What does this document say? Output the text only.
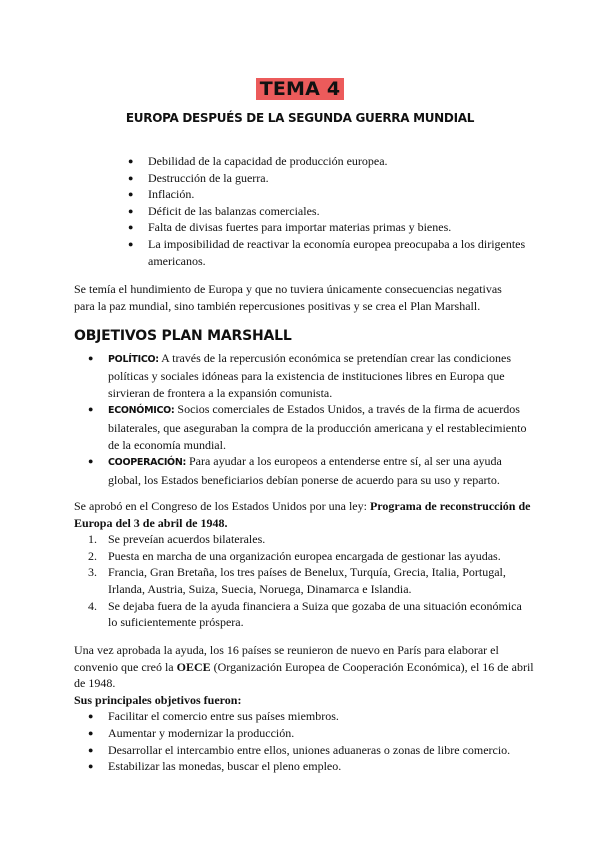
TEMA 4
EUROPA DESPUÉS DE LA SEGUNDA GUERRA MUNDIAL
● Debilidad de la capacidad de producción europea.
● Destrucción de la guerra.
● Inflación.
● Déficit de las balanzas comerciales.
● Falta de divisas fuertes para importar materias primas y bienes.
● La imposibilidad de reactivar la economía europea preocupaba a los dirigentes americanos.

Se temía el hundimiento de Europa y que no tuviera únicamente consecuencias negativas para la paz mundial, sino también repercusiones positivas y se crea el Plan Marshall.

OBJETIVOS PLAN MARSHALL
● POLÍTICO: A través de la repercusión económica se pretendían crear las condiciones políticas y sociales idóneas para la existencia de instituciones libres en Europa que sirvieran de frontera a la expansión comunista.
● ECONÓMICO: Socios comerciales de Estados Unidos, a través de la firma de acuerdos bilaterales, que aseguraban la compra de la producción americana y el restablecimiento de la economía mundial.
● COOPERACIÓN: Para ayudar a los europeos a entenderse entre sí, al ser una ayuda global, los Estados beneficiarios debían ponerse de acuerdo para su uso y reparto.

Se aprobó en el Congreso de los Estados Unidos por una ley: Programa de reconstrucción de Europa del 3 de abril de 1948.

1. Se preveían acuerdos bilaterales.
2. Puesta en marcha de una organización europea encargada de gestionar las ayudas.
3. Francia, Gran Bretaña, los tres países de Benelux, Turquía, Grecia, Italia, Portugal, Irlanda, Austria, Suiza, Suecia, Noruega, Dinamarca e Islandia.
4. Se dejaba fuera de la ayuda financiera a Suiza que gozaba de una situación económica lo suficientemente próspera.

Una vez aprobada la ayuda, los 16 países se reunieron de nuevo en París para elaborar el convenio que creó la OECE (Organización Europea de Cooperación Económica), el 16 de abril de 1948.

Sus principales objetivos fueron:

● Facilitar el comercio entre sus países miembros.
● Aumentar y modernizar la producción.
● Desarrollar el intercambio entre ellos, uniones aduaneras o zonas de libre comercio.
● Estabilizar las monedas, buscar el pleno empleo.
